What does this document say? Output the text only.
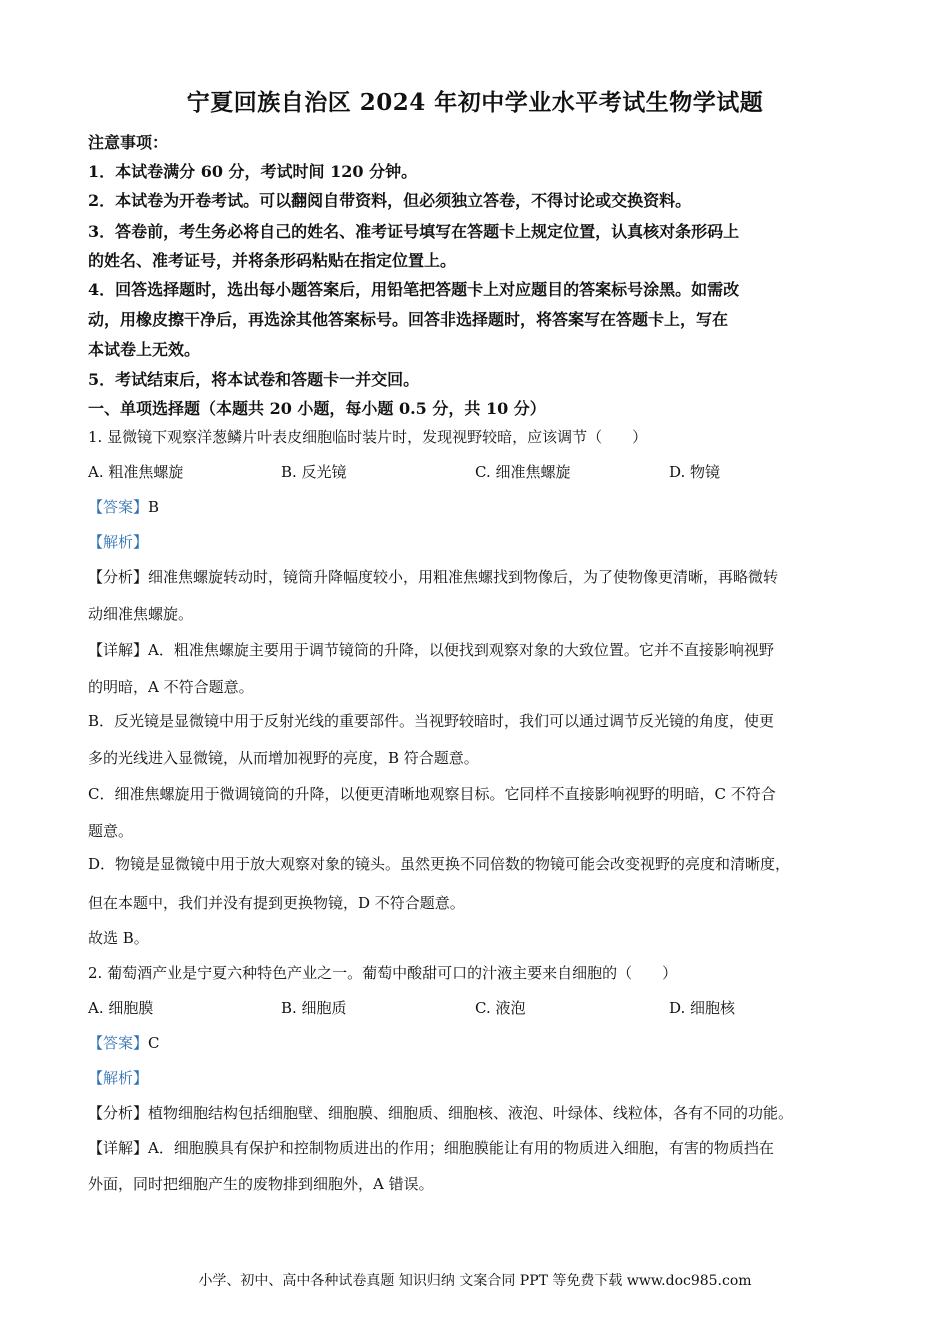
宁夏回族自治区 2024 年初中学业水平考试生物学试题
注意事项：
1．本试卷满分 60 分，考试时间 120 分钟。
2．本试卷为开卷考试。可以翻阅自带资料，但必须独立答卷，不得讨论或交换资料。
3．答卷前，考生务必将自己的姓名、准考证号填写在答题卡上规定位置，认真核对条形码上
的姓名、准考证号，并将条形码粘贴在指定位置上。
4．回答选择题时，选出每小题答案后，用铅笔把答题卡上对应题目的答案标号涂黑。如需改
动，用橡皮擦干净后，再选涂其他答案标号。回答非选择题时，将答案写在答题卡上，写在
本试卷上无效。
5．考试结束后，将本试卷和答题卡一并交回。
一、单项选择题（本题共 20 小题，每小题 0.5 分，共 10 分）
1. 显微镜下观察洋葱鳞片叶表皮细胞临时装片时，发现视野较暗，应该调节（　　）
A. 粗准焦螺旋	B. 反光镜	C. 细准焦螺旋	D. 物镜
【答案】B
【解析】
【分析】细准焦螺旋转动时，镜筒升降幅度较小，用粗准焦螺找到物像后，为了使物像更清晰，再略微转
动细准焦螺旋。
【详解】A．粗准焦螺旋主要用于调节镜筒的升降，以便找到观察对象的大致位置。它并不直接影响视野
的明暗，A 不符合题意。
B．反光镜是显微镜中用于反射光线的重要部件。当视野较暗时，我们可以通过调节反光镜的角度，使更
多的光线进入显微镜，从而增加视野的亮度，B 符合题意。
C．细准焦螺旋用于微调镜筒的升降，以便更清晰地观察目标。它同样不直接影响视野的明暗，C 不符合
题意。
D．物镜是显微镜中用于放大观察对象的镜头。虽然更换不同倍数的物镜可能会改变视野的亮度和清晰度，
但在本题中，我们并没有提到更换物镜，D 不符合题意。
故选 B。
2. 葡萄酒产业是宁夏六种特色产业之一。葡萄中酸甜可口的汁液主要来自细胞的（　　）
A. 细胞膜	B. 细胞质	C. 液泡	D. 细胞核
【答案】C
【解析】
【分析】植物细胞结构包括细胞壁、细胞膜、细胞质、细胞核、液泡、叶绿体、线粒体，各有不同的功能。
【详解】A．细胞膜具有保护和控制物质进出的作用；细胞膜能让有用的物质进入细胞，有害的物质挡在
外面，同时把细胞产生的废物排到细胞外，A 错误。
小学、初中、高中各种试卷真题 知识归纳 文案合同 PPT 等免费下载 www.doc985.com
